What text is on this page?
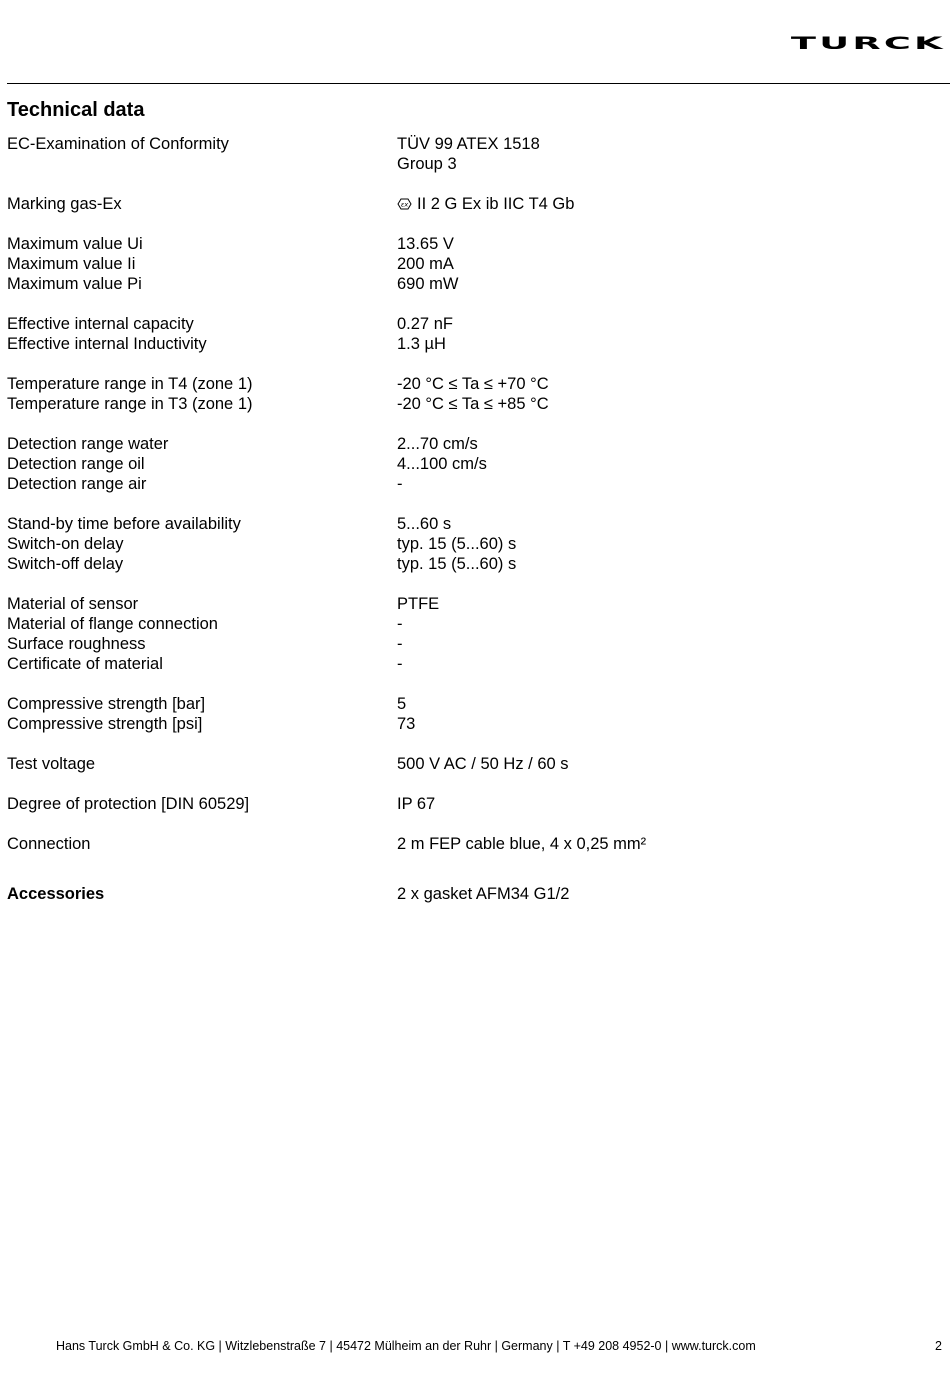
TURCK
Technical data
EC-Examination of Conformity	TÜV 99 ATEX 1518
Group 3
Marking gas-Ex	εx II 2 G Ex ib IIC T4 Gb
Maximum value Ui	13.65 V
Maximum value Ii	200 mA
Maximum value Pi	690 mW
Effective internal capacity	0.27 nF
Effective internal Inductivity	1.3 µH
Temperature range in T4 (zone 1)	-20 °C ≤ Ta ≤ +70 °C
Temperature range in T3 (zone 1)	-20 °C ≤ Ta ≤ +85 °C
Detection range water	2...70 cm/s
Detection range oil	4...100 cm/s
Detection range air	-
Stand-by time before availability	5...60 s
Switch-on delay	typ. 15 (5...60) s
Switch-off delay	typ. 15 (5...60) s
Material of sensor	PTFE
Material of flange connection	-
Surface roughness	-
Certificate of material	-
Compressive strength [bar]	5
Compressive strength [psi]	73
Test voltage	500 V AC / 50 Hz / 60 s
Degree of protection [DIN 60529]	IP 67
Connection	2 m FEP cable blue, 4 x 0,25 mm²
Accessories	2 x gasket AFM34 G1/2
Hans Turck GmbH & Co. KG | Witzlebenstraße 7 | 45472 Mülheim an der Ruhr | Germany | T +49 208 4952-0 | www.turck.com	2
